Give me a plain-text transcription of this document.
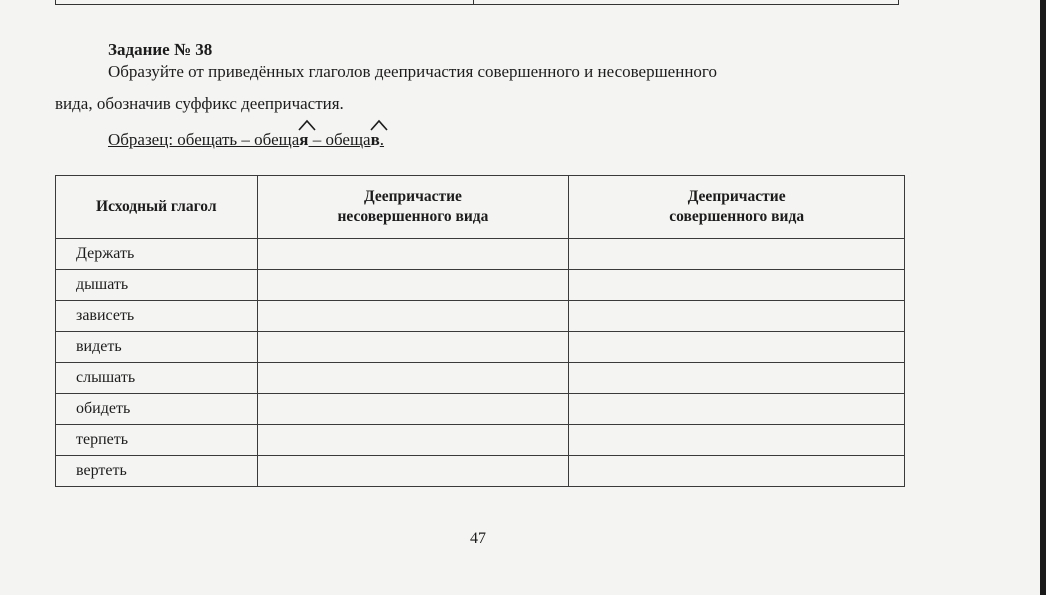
Задание № 38
Образуйте от приведённых глаголов деепричастия совершенного и несовершенного
вида, обозначив суффикс деепричастия.
Образец: обещать – обеща
я – обеща
в.
Исходный глагол	Деепричастие несовершенного вида	Деепричастие совершенного вида
Держать		
дышать		
зависеть		
видеть		
слышать		
обидеть		
терпеть		
вертеть		
47
